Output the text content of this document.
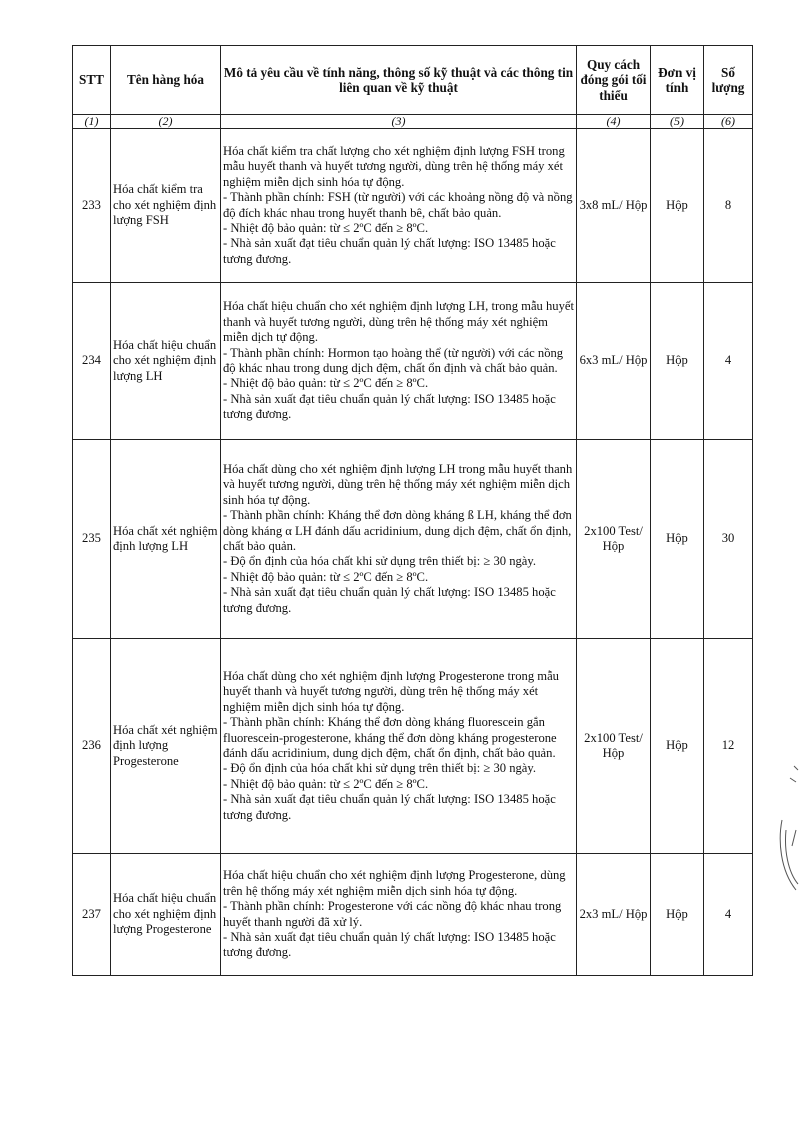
STT	Tên hàng hóa	Mô tả yêu cầu về tính năng, thông số kỹ thuật và các thông tin liên quan về kỹ thuật	Quy cách đóng gói tối thiểu	Đơn vị tính	Số lượng
(1)	(2)	(3)	(4)	(5)	(6)
233	Hóa chất kiểm tra cho xét nghiệm định lượng FSH	Hóa chất kiểm tra chất lượng cho xét nghiệm định lượng FSH trong mẫu huyết thanh và huyết tương người, dùng trên hệ thống máy xét nghiệm miễn dịch sinh hóa tự động.
- Thành phần chính: FSH (từ người) với các khoảng nồng độ và nồng độ đích khác nhau trong huyết thanh bê, chất bảo quản.
- Nhiệt độ bảo quản: từ ≤ 2ºC đến ≥ 8ºC.
- Nhà sản xuất đạt tiêu chuẩn quản lý chất lượng: ISO 13485 hoặc tương đương.	3x8 mL/ Hộp	Hộp	8
234	Hóa chất hiệu chuẩn cho xét nghiệm định lượng LH	Hóa chất hiệu chuẩn cho xét nghiệm định lượng LH, trong mẫu huyết thanh và huyết tương người, dùng trên hệ thống máy xét nghiệm miễn dịch tự động.
- Thành phần chính: Hormon tạo hoàng thể (từ người) với các nồng độ khác nhau trong dung dịch đệm, chất ổn định và chất bảo quản.
- Nhiệt độ bảo quản: từ ≤ 2ºC đến ≥ 8ºC.
- Nhà sản xuất đạt tiêu chuẩn quản lý chất lượng: ISO 13485 hoặc tương đương.	6x3 mL/ Hộp	Hộp	4
235	Hóa chất xét nghiệm định lượng LH	Hóa chất dùng cho xét nghiệm định lượng LH trong mẫu huyết thanh và huyết tương người, dùng trên hệ thống máy xét nghiệm miễn dịch sinh hóa tự động.
- Thành phần chính: Kháng thể đơn dòng kháng ß LH, kháng thể đơn dòng kháng α LH đánh dấu acridinium, dung dịch đệm, chất ổn định, chất bảo quản.
- Độ ổn định của hóa chất khi sử dụng trên thiết bị: ≥ 30 ngày.
- Nhiệt độ bảo quản: từ ≤ 2ºC đến ≥ 8ºC.
- Nhà sản xuất đạt tiêu chuẩn quản lý chất lượng: ISO 13485 hoặc tương đương.	2x100 Test/ Hộp	Hộp	30
236	Hóa chất xét nghiệm định lượng Progesterone	Hóa chất dùng cho xét nghiệm định lượng Progesterone trong mẫu huyết thanh và huyết tương người, dùng trên hệ thống máy xét nghiệm miễn dịch sinh hóa tự động.
- Thành phần chính: Kháng thể đơn dòng kháng fluorescein gắn fluorescein-progesterone, kháng thể đơn dòng kháng progesterone đánh dấu acridinium, dung dịch đệm, chất ổn định, chất bảo quản.
- Độ ổn định của hóa chất khi sử dụng trên thiết bị: ≥ 30 ngày.
- Nhiệt độ bảo quản: từ ≤ 2ºC đến ≥ 8ºC.
- Nhà sản xuất đạt tiêu chuẩn quản lý chất lượng: ISO 13485 hoặc tương đương.	2x100 Test/ Hộp	Hộp	12
237	Hóa chất hiệu chuẩn cho xét nghiệm định lượng Progesterone	Hóa chất hiệu chuẩn cho xét nghiệm định lượng Progesterone, dùng trên hệ thống máy xét nghiệm miễn dịch sinh hóa tự động.
- Thành phần chính: Progesterone với các nồng độ khác nhau trong huyết thanh người đã xử lý.
- Nhà sản xuất đạt tiêu chuẩn quản lý chất lượng: ISO 13485 hoặc tương đương.	2x3 mL/ Hộp	Hộp	4
